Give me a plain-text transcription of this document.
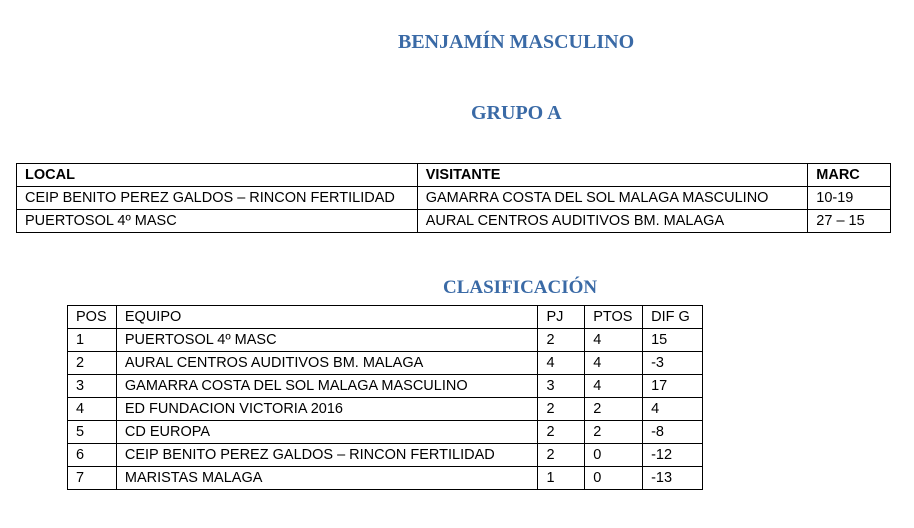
BENJAMÍN MASCULINO
GRUPO A
LOCAL	VISITANTE	MARC
CEIP BENITO PEREZ GALDOS – RINCON FERTILIDAD	GAMARRA COSTA DEL SOL MALAGA MASCULINO	10-19
PUERTOSOL 4º MASC	AURAL CENTROS AUDITIVOS BM. MALAGA	27 – 15
CLASIFICACIÓN
POS	EQUIPO	PJ	PTOS	DIF G
1	PUERTOSOL 4º MASC	2	4	15
2	AURAL CENTROS AUDITIVOS BM. MALAGA	4	4	-3
3	GAMARRA COSTA DEL SOL MALAGA MASCULINO	3	4	17
4	ED FUNDACION VICTORIA 2016	2	2	4
5	CD EUROPA	2	2	-8
6	CEIP BENITO PEREZ GALDOS – RINCON FERTILIDAD	2	0	-12
7	MARISTAS MALAGA	1	0	-13
